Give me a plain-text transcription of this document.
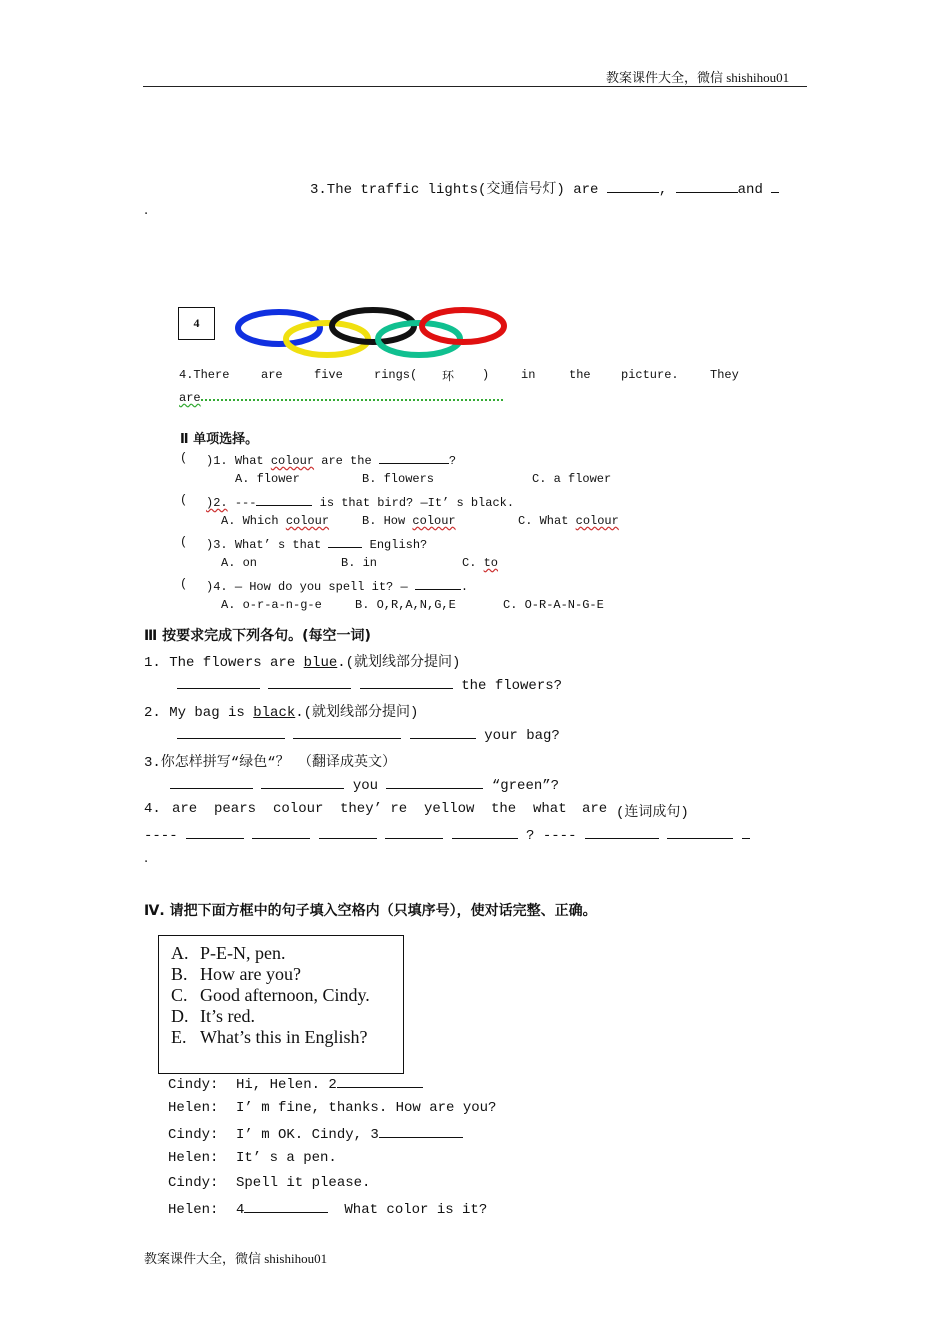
教案课件大全，微信 shishihou01
3.The traffic lights(交通信号灯) are	,	and
.
4
4.There	are	five	rings( 环 )	in	the	picture.	They
are
Ⅱ 单项选择。
( )1. What colour are the	?
A. flower	B. flowers	C. a flower
( )2. ---	is that bird? —It’ s black.
A. Which colour	B. How colour	C. What colour
( )3. What’ s that	English?
A. on	B. in	C. to
( )4. — How do you spell it? —	.
A. o-r-a-n-g-e	B. O,R,A,N,G,E	C. O-R-A-N-G-E
Ⅲ 按要求完成下列各句。(每空一词)
1. The flowers are blue.(就划线部分提问)
the flowers?
2. My bag is black.(就划线部分提问)
your bag?
3.你怎样拼写“绿色“？ （翻译成英文）
you	“green”?
4. are pears colour they’ re yellow the what are (连词成句)
----	? ----
.
Ⅳ. 请把下面方框中的句子填入空格内（只填序号），使对话完整、正确。
A. P-E-N, pen.
B. How are you?
C. Good afternoon, Cindy.
D. It’s red.
E. What’s this in English?
Cindy: Hi, Helen. 2
Helen: I’ m fine, thanks. How are you?
Cindy: I’ m OK. Cindy, 3
Helen: It’ s a pen.
Cindy: Spell it please.
Helen: 4	What color is it?
教案课件大全，微信 shishihou01
